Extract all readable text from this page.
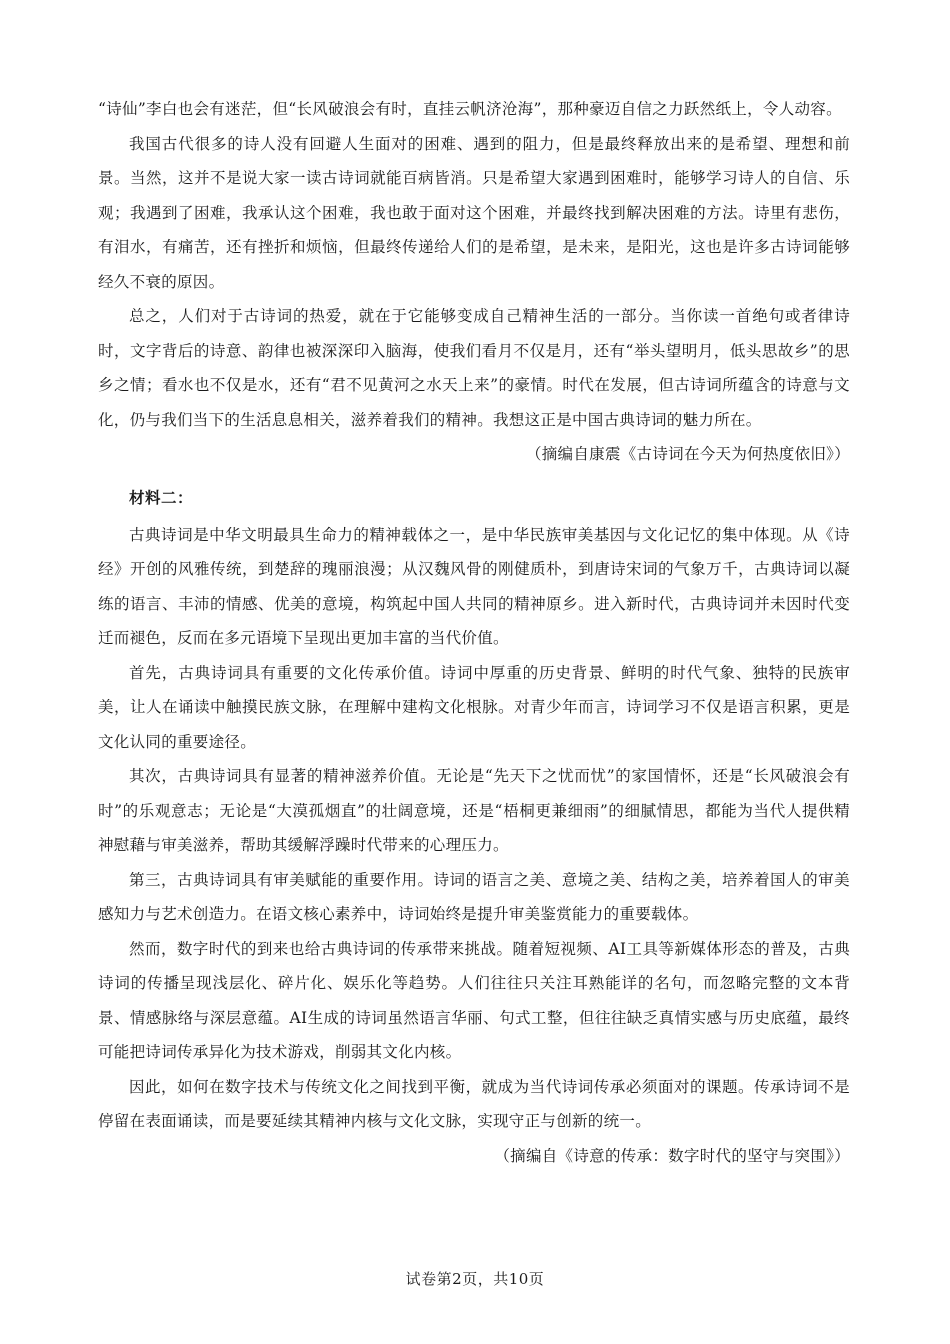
“诗仙”李白也会有迷茫，但“长风破浪会有时，直挂云帆济沧海”，那种豪迈自信之力跃然纸上，令人动容。

我国古代很多的诗人没有回避人生面对的困难、遇到的阻力，但是最终释放出来的是希望、理想和前景。当然，这并不是说大家一读古诗词就能百病皆消。只是希望大家遇到困难时，能够学习诗人的自信、乐观；我遇到了困难，我承认这个困难，我也敢于面对这个困难，并最终找到解决困难的方法。诗里有悲伤，有泪水，有痛苦，还有挫折和烦恼，但最终传递给人们的是希望，是未来，是阳光，这也是许多古诗词能够经久不衰的原因。

总之，人们对于古诗词的热爱，就在于它能够变成自己精神生活的一部分。当你读一首绝句或者律诗时，文字背后的诗意、韵律也被深深印入脑海，使我们看月不仅是月，还有“举头望明月，低头思故乡”的思乡之情；看水也不仅是水，还有“君不见黄河之水天上来”的豪情。时代在发展，但古诗词所蕴含的诗意与文化，仍与我们当下的生活息息相关，滋养着我们的精神。我想这正是中国古典诗词的魅力所在。

（摘编自康震《古诗词在今天为何热度依旧》）

材料二：

古典诗词是中华文明最具生命力的精神载体之一，是中华民族审美基因与文化记忆的集中体现。从《诗经》开创的风雅传统，到楚辞的瑰丽浪漫；从汉魏风骨的刚健质朴，到唐诗宋词的气象万千，古典诗词以凝练的语言、丰沛的情感、优美的意境，构筑起中国人共同的精神原乡。进入新时代，古典诗词并未因时代变迁而褪色，反而在多元语境下呈现出更加丰富的当代价值。

首先，古典诗词具有重要的文化传承价值。诗词中厚重的历史背景、鲜明的时代气象、独特的民族审美，让人在诵读中触摸民族文脉，在理解中建构文化根脉。对青少年而言，诗词学习不仅是语言积累，更是文化认同的重要途径。

其次，古典诗词具有显著的精神滋养价值。无论是“先天下之忧而忧”的家国情怀，还是“长风破浪会有时”的乐观意志；无论是“大漠孤烟直”的壮阔意境，还是“梧桐更兼细雨”的细腻情思，都能为当代人提供精神慰藉与审美滋养，帮助其缓解浮躁时代带来的心理压力。

第三，古典诗词具有审美赋能的重要作用。诗词的语言之美、意境之美、结构之美，培养着国人的审美感知力与艺术创造力。在语文核心素养中，诗词始终是提升审美鉴赏能力的重要载体。

然而，数字时代的到来也给古典诗词的传承带来挑战。随着短视频、AI工具等新媒体形态的普及，古典诗词的传播呈现浅层化、碎片化、娱乐化等趋势。人们往往只关注耳熟能详的名句，而忽略完整的文本背景、情感脉络与深层意蕴。AI生成的诗词虽然语言华丽、句式工整，但往往缺乏真情实感与历史底蕴，最终可能把诗词传承异化为技术游戏，削弱其文化内核。

因此，如何在数字技术与传统文化之间找到平衡，就成为当代诗词传承必须面对的课题。传承诗词不是停留在表面诵读，而是要延续其精神内核与文化文脉，实现守正与创新的统一。

（摘编自《诗意的传承：数字时代的坚守与突围》）

试卷第2页，共10页
